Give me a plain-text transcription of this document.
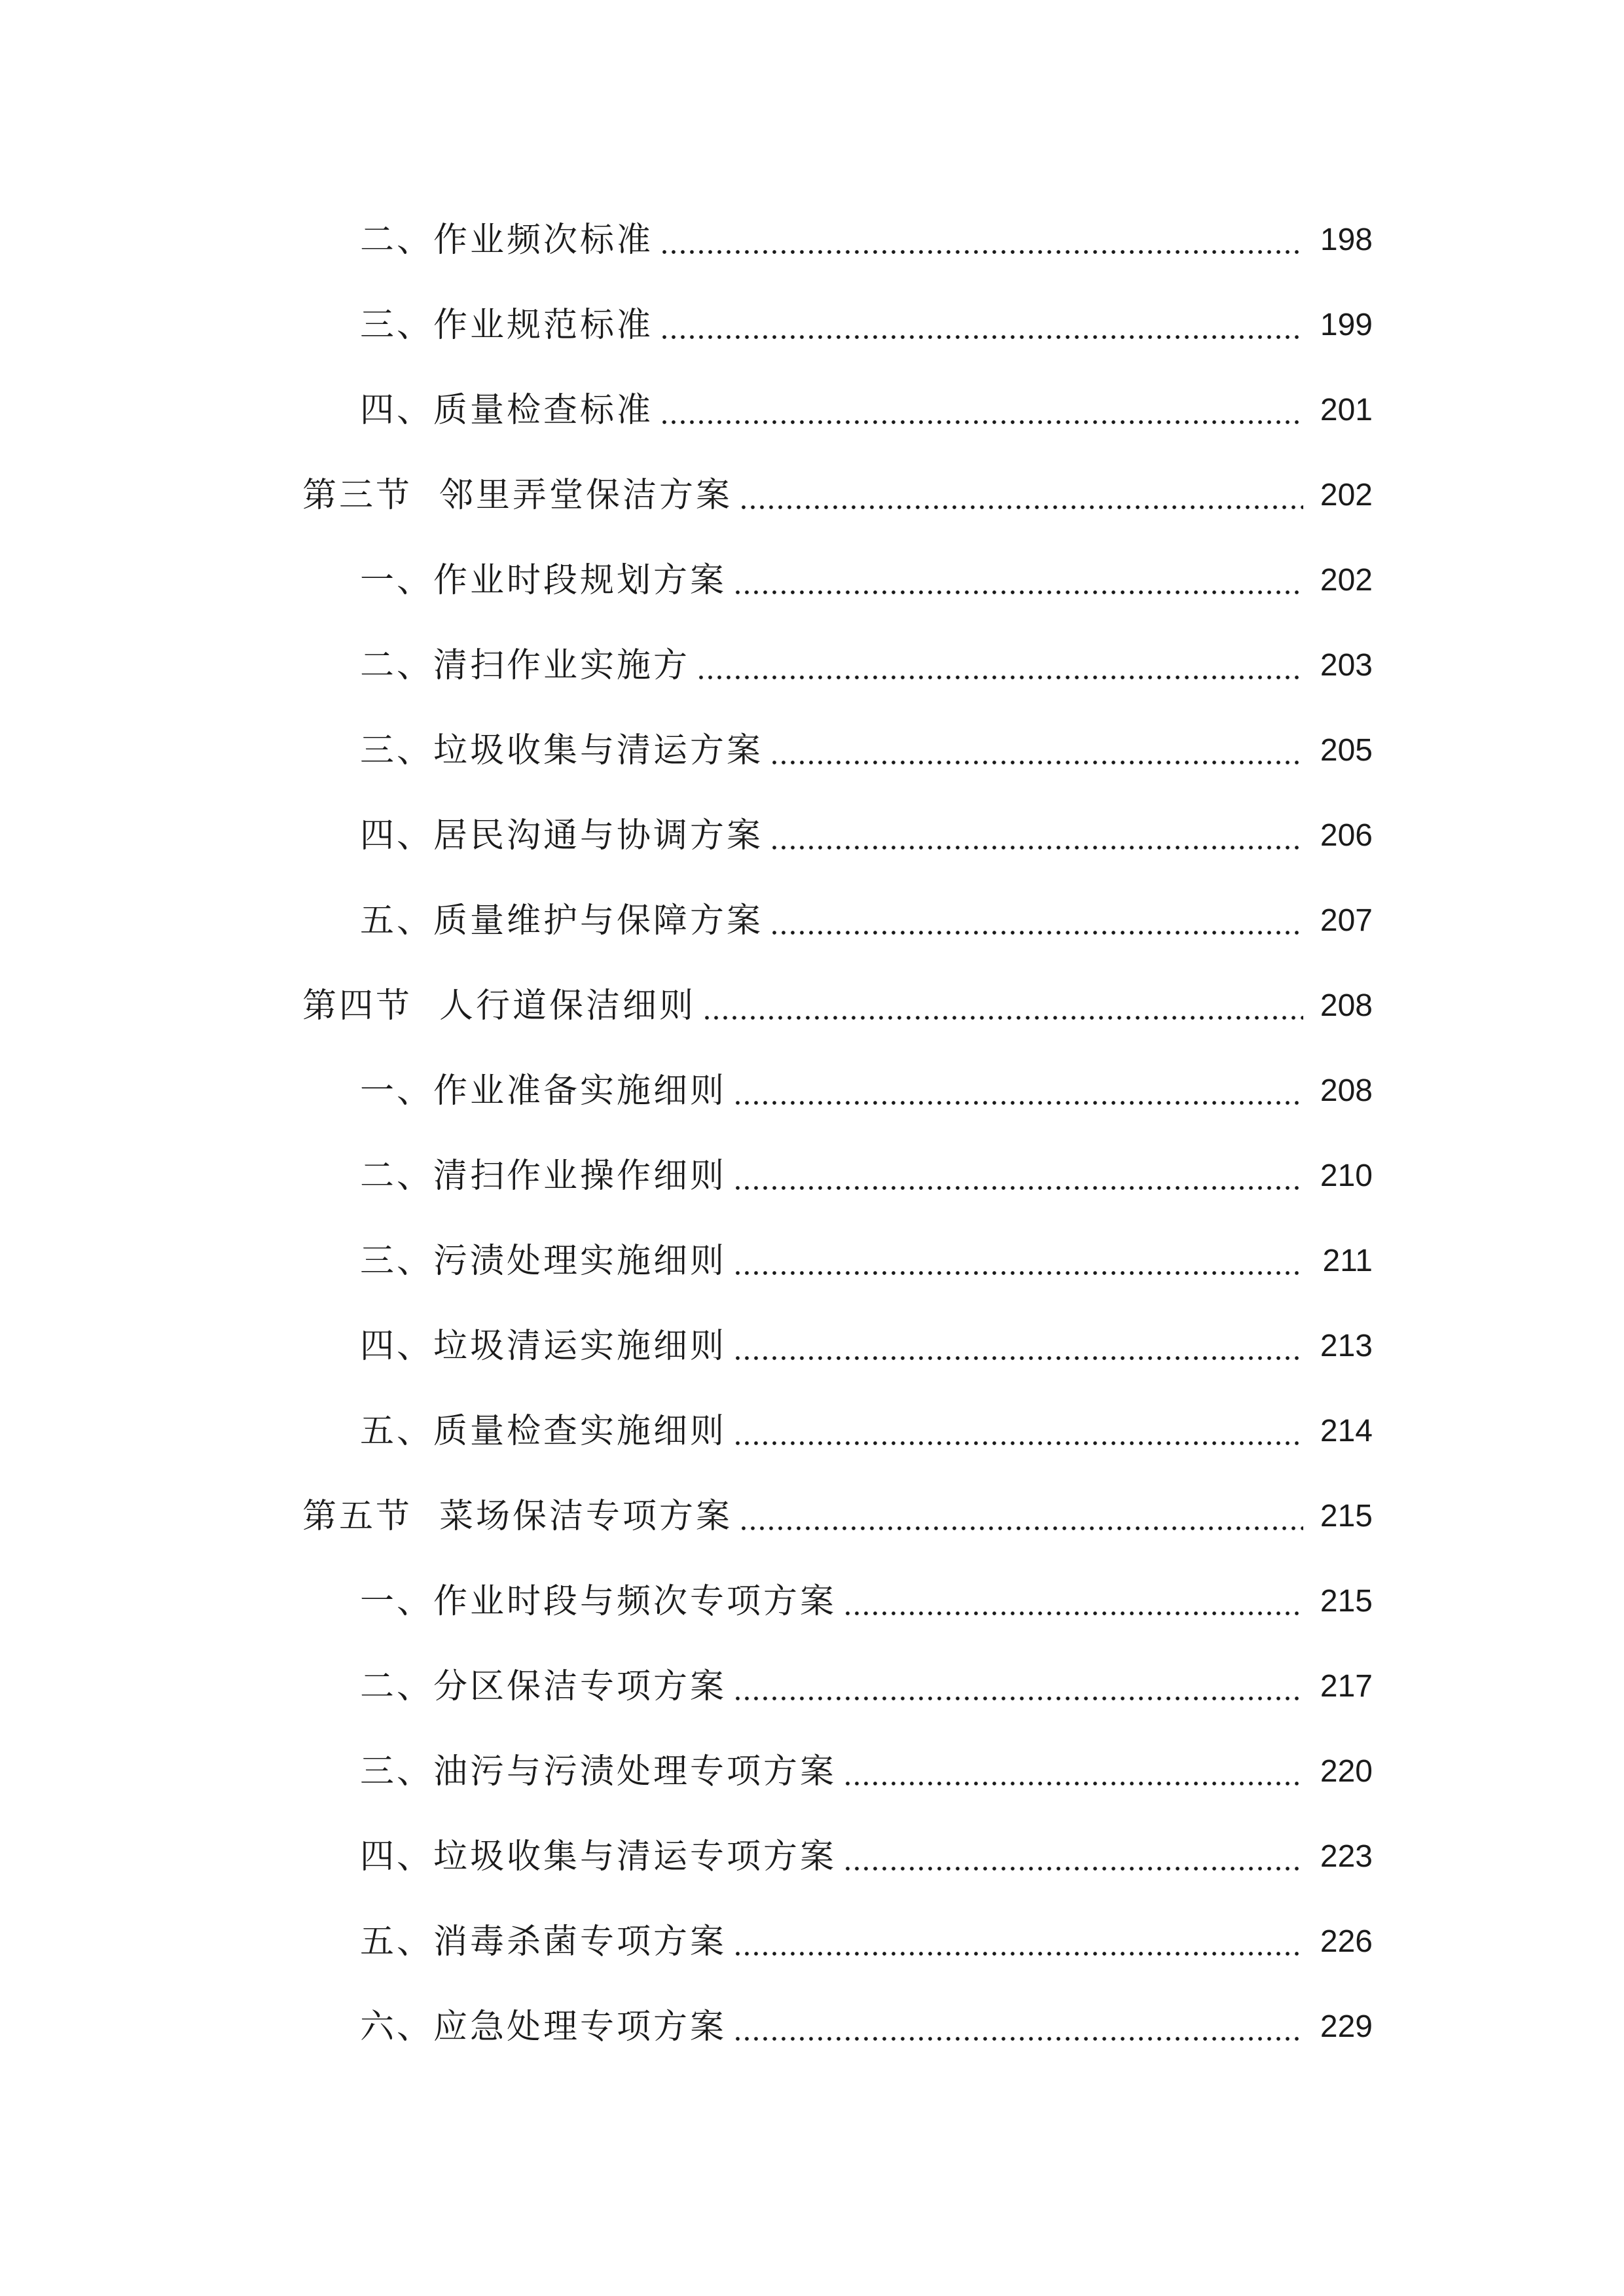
二、作业频次标准	198
三、作业规范标准	199
四、质量检查标准	201
第三节  邻里弄堂保洁方案	202
一、作业时段规划方案	202
二、清扫作业实施方	203
三、垃圾收集与清运方案	205
四、居民沟通与协调方案	206
五、质量维护与保障方案	207
第四节  人行道保洁细则	208
一、作业准备实施细则	208
二、清扫作业操作细则	210
三、污渍处理实施细则	211
四、垃圾清运实施细则	213
五、质量检查实施细则	214
第五节  菜场保洁专项方案	215
一、作业时段与频次专项方案	215
二、分区保洁专项方案	217
三、油污与污渍处理专项方案	220
四、垃圾收集与清运专项方案	223
五、消毒杀菌专项方案	226
六、应急处理专项方案	229
